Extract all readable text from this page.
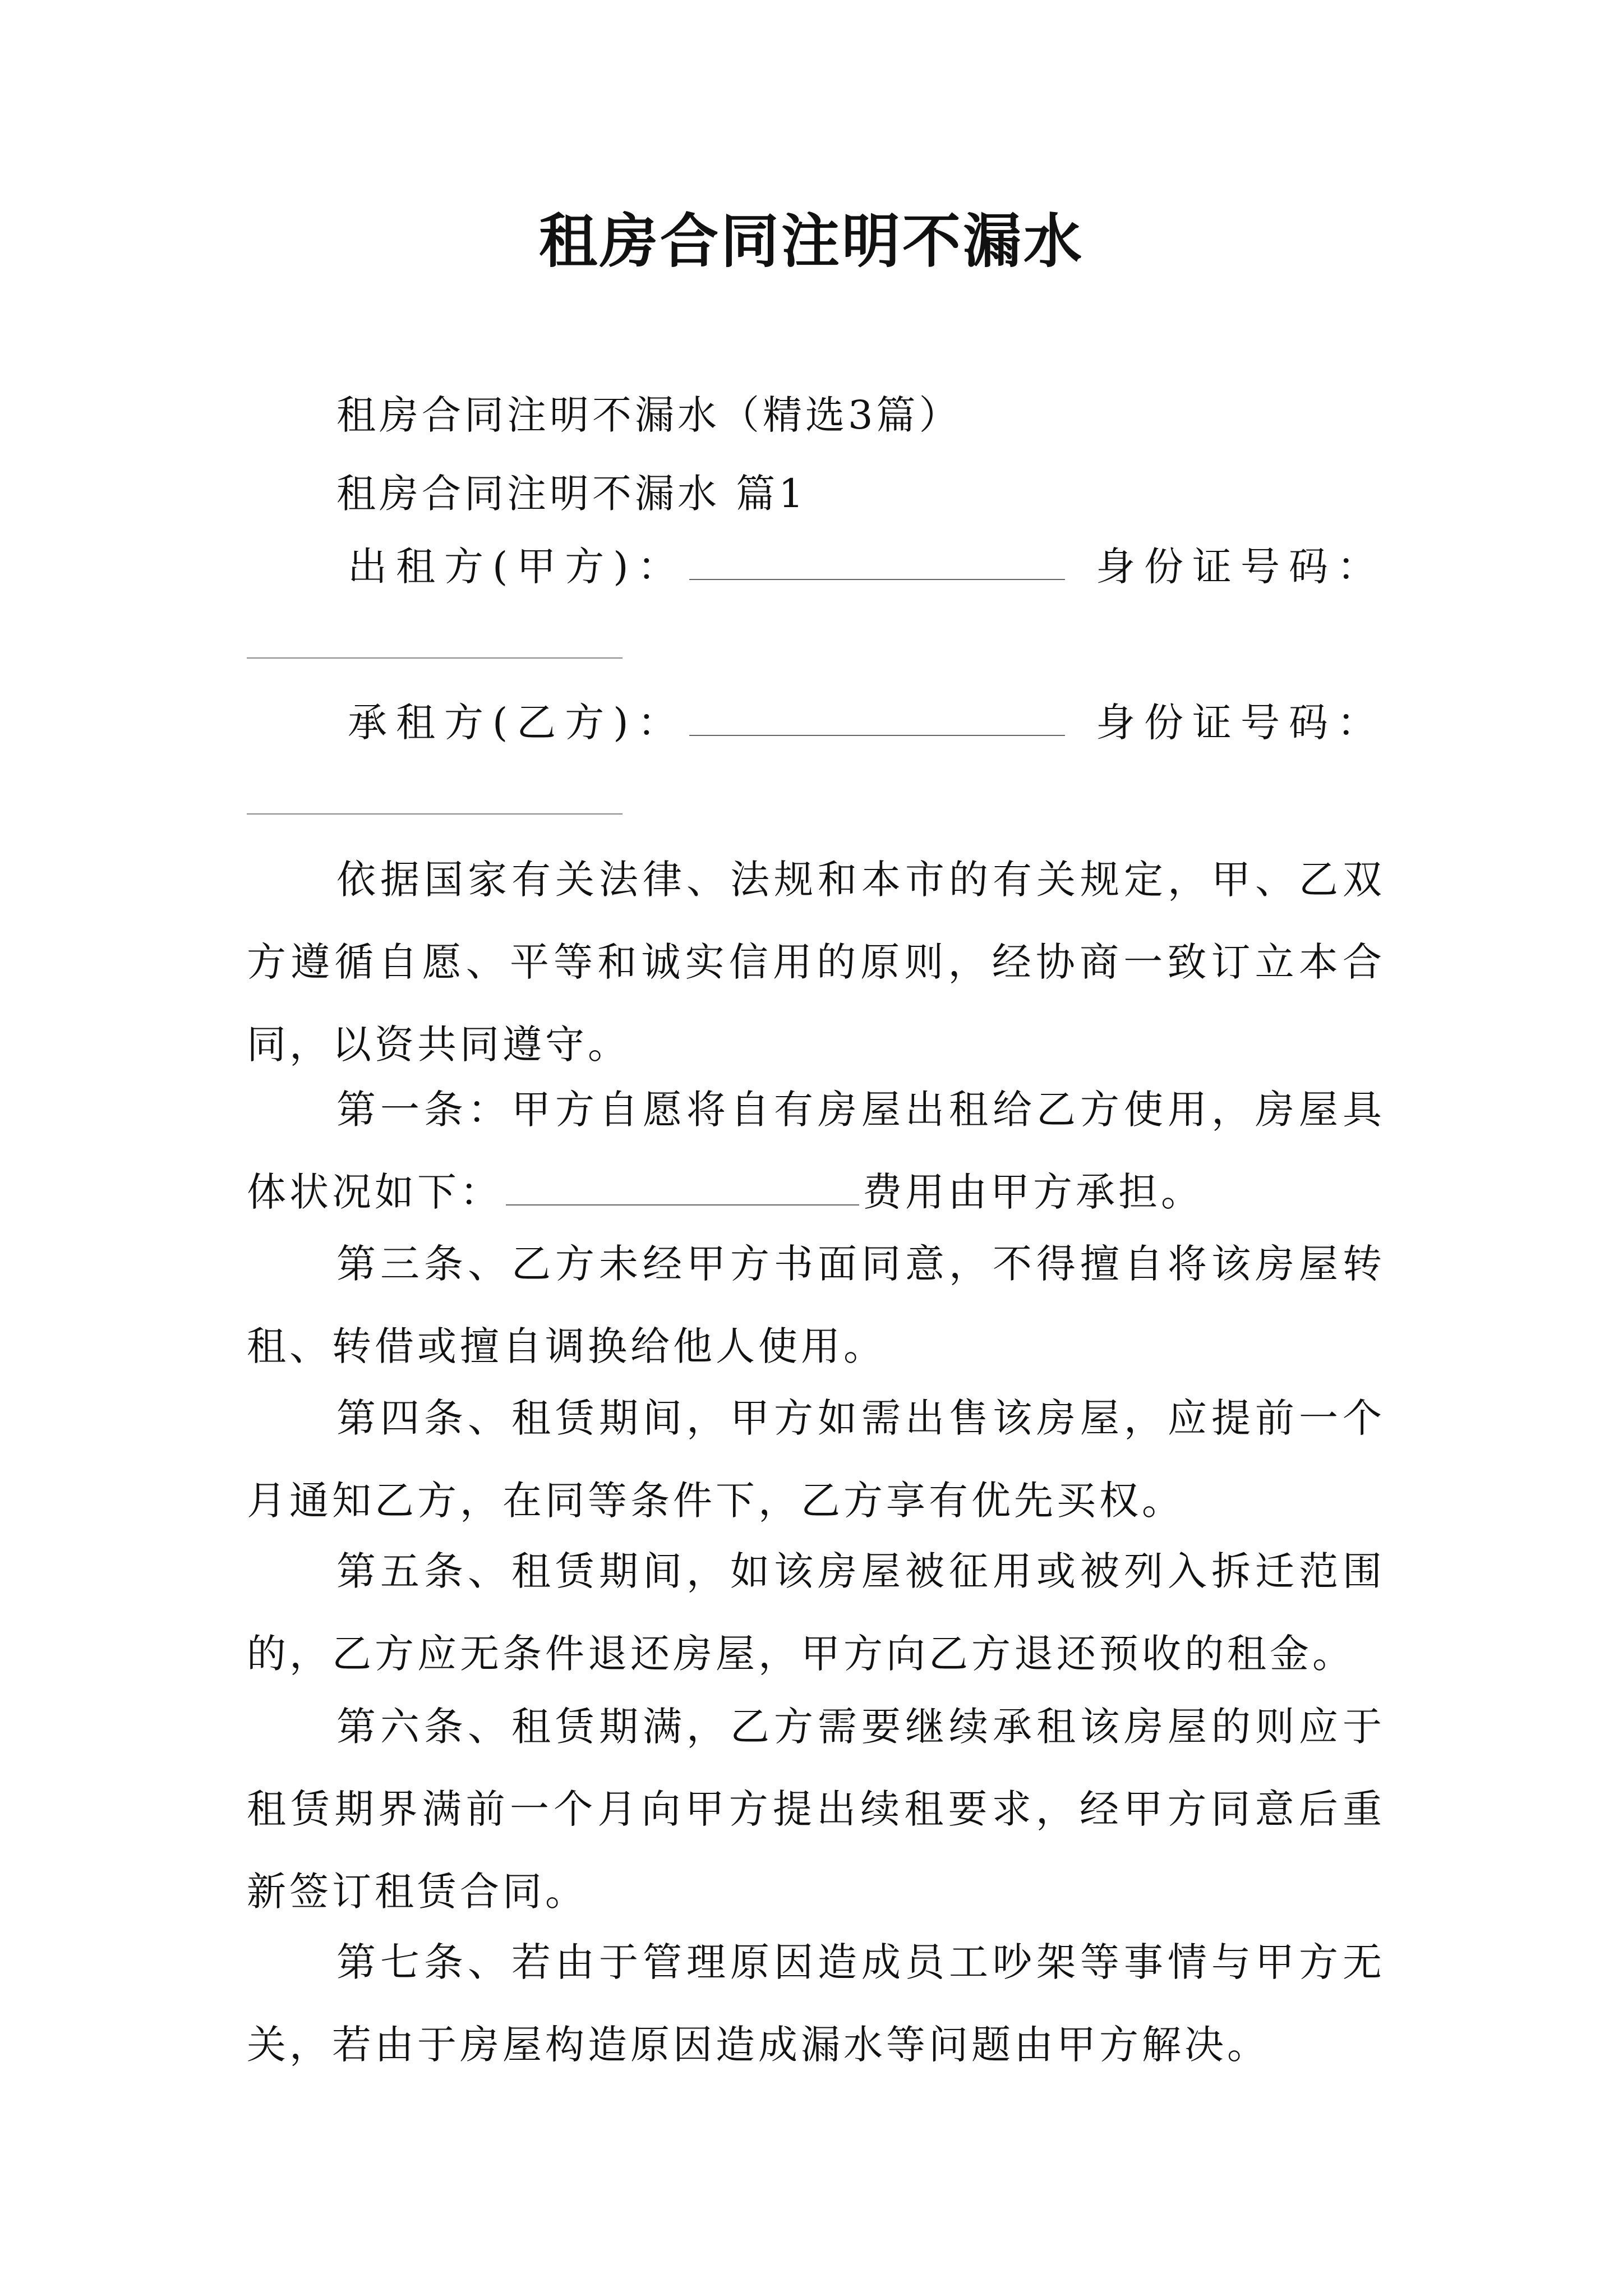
租房合同注明不漏水
租房合同注明不漏水（精选3篇）
租房合同注明不漏水 篇1
出租方(甲方)：	身份证号码：
承租方(乙方)：	身份证号码：
依据国家有关法律、法规和本市的有关规定，甲、乙双方遵循自愿、平等和诚实信用的原则，经协商一致订立本合同，以资共同遵守。
第一条：甲方自愿将自有房屋出租给乙方使用，房屋具体状况如下：	费用由甲方承担。
第三条、乙方未经甲方书面同意，不得擅自将该房屋转租、转借或擅自调换给他人使用。
第四条、租赁期间，甲方如需出售该房屋，应提前一个月通知乙方，在同等条件下，乙方享有优先买权。
第五条、租赁期间，如该房屋被征用或被列入拆迁范围的，乙方应无条件退还房屋，甲方向乙方退还预收的租金。
第六条、租赁期满，乙方需要继续承租该房屋的则应于租赁期界满前一个月向甲方提出续租要求，经甲方同意后重新签订租赁合同。
第七条、若由于管理原因造成员工吵架等事情与甲方无关，若由于房屋构造原因造成漏水等问题由甲方解决。
